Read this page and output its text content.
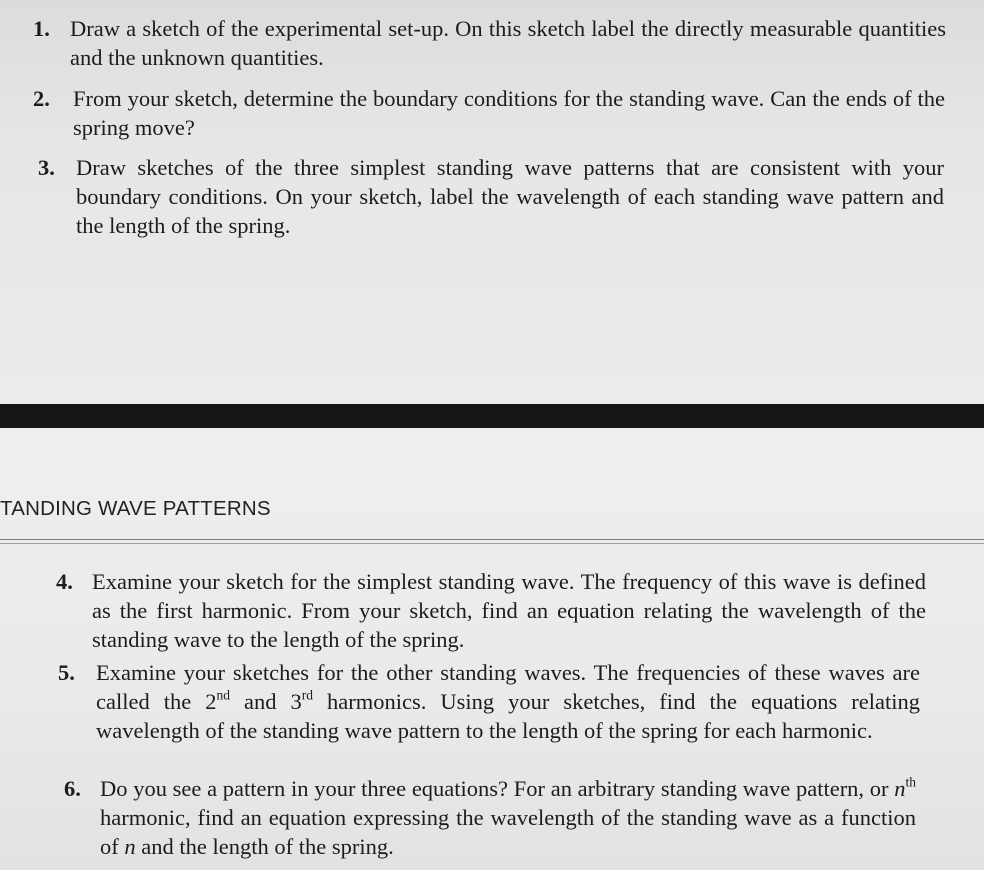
1. Draw a sketch of the experimental set-up. On this sketch label the directly measurable quantities and the unknown quantities.
2. From your sketch, determine the boundary conditions for the standing wave. Can the ends of the spring move?
3. Draw sketches of the three simplest standing wave patterns that are consistent with your boundary conditions. On your sketch, label the wavelength of each standing wave pattern and the length of the spring.
TANDING WAVE PATTERNS
4. Examine your sketch for the simplest standing wave. The frequency of this wave is defined as the first harmonic. From your sketch, find an equation relating the wavelength of the standing wave to the length of the spring.
5. Examine your sketches for the other standing waves. The frequencies of these waves are called the 2nd and 3rd harmonics. Using your sketches, find the equations relating wavelength of the standing wave pattern to the length of the spring for each harmonic.
6. Do you see a pattern in your three equations? For an arbitrary standing wave pattern, or $n^{th}$ harmonic, find an equation expressing the wavelength of the standing wave as a function of n and the length of the spring.
